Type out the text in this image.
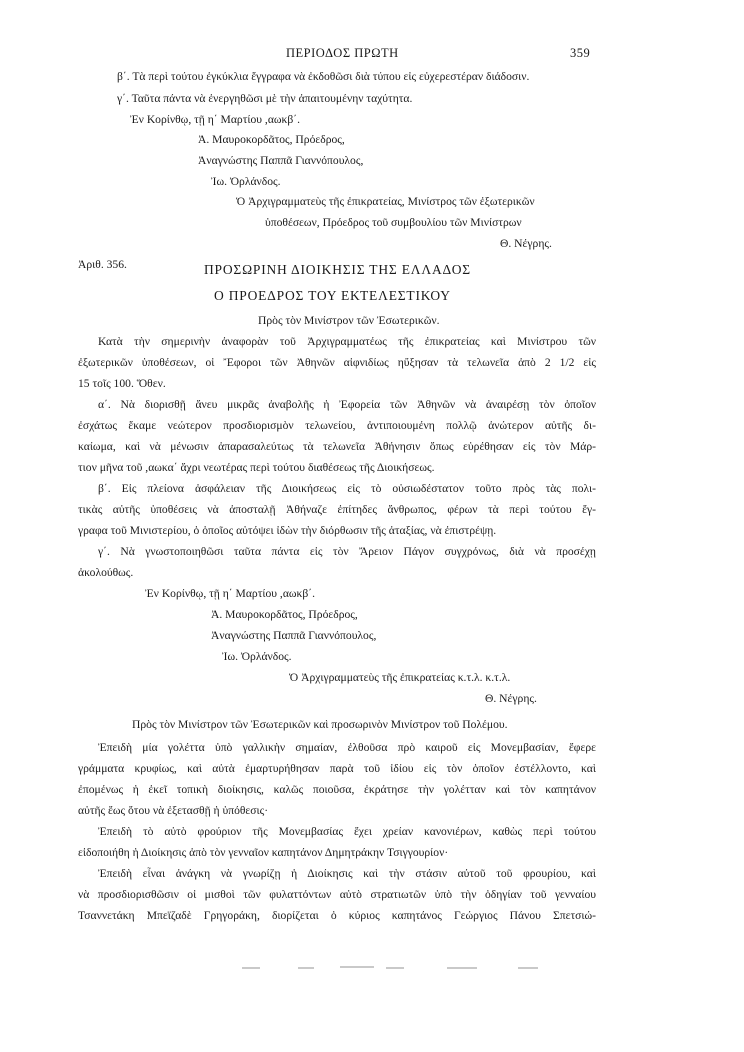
ΠΕΡΙΟΔΟΣ ΠΡΩΤΗ	359
β΄. Τὰ περὶ τούτου ἐγκύκλια ἔγγραφα νὰ ἐκδοθῶσι διὰ τύπου εἰς εὐχερεστέραν διάδοσιν.
γ΄. Ταῦτα πάντα νὰ ἐνεργηθῶσι μὲ τὴν ἀπαιτουμένην ταχύτητα.
Ἐν Κορίνθῳ, τῇ η΄ Μαρτίου ,αωκβ΄.
Ἀ. Μαυροκορδᾶτος, Πρόεδρος,
Ἀναγνώστης Παππᾶ Γιαννόπουλος,
Ἰω. Ὀρλάνδος.
Ὁ Ἀρχιγραμματεὺς τῆς ἐπικρατείας, Μινίστρος τῶν ἐξωτερικῶν
ὑποθέσεων, Πρόεδρος τοῦ συμβουλίου τῶν Μινίστρων
Θ. Νέγρης.
Ἀριθ. 356.	ΠΡΟΣΩΡΙΝΗ ΔΙΟΙΚΗΣΙΣ ΤΗΣ ΕΛΛΑΔΟΣ
Ο ΠΡΟΕΔΡΟΣ ΤΟΥ ΕΚΤΕΛΕΣΤΙΚΟΥ
Πρὸς τὸν Μινίστρον τῶν Ἐσωτερικῶν.
Κατὰ τὴν σημερινὴν ἀναφορὰν τοῦ Ἀρχιγραμματέως τῆς ἐπικρατείας καὶ Μινίστρου τῶν
ἐξωτερικῶν ὑποθέσεων, οἱ Ἔφοροι τῶν Ἀθηνῶν αἰφνιδίως ηὔξησαν τὰ τελωνεῖα ἀπὸ 2 1/2 εἰς
15 τοῖς 100. Ὅθεν.
α΄. Νὰ διορισθῇ ἄνευ μικρᾶς ἀναβολῆς ἡ Ἐφορεία τῶν Ἀθηνῶν νὰ ἀναιρέσῃ τὸν ὁποῖον
ἐσχάτως ἔκαμε νεώτερον προσδιορισμὸν τελωνείου, ἀντιποιουμένη πολλῷ ἀνώτερον αὐτῆς δι-
καίωμα, καὶ νὰ μένωσιν ἀπαρασαλεύτως τὰ τελωνεῖα Ἀθήνησιν ὅπως εὑρέθησαν εἰς τὸν Μάρ-
τιον μῆνα τοῦ ,αωκα΄ ἄχρι νεωτέρας περὶ τούτου διαθέσεως τῆς Διοικήσεως.
β΄. Εἰς πλείονα ἀσφάλειαν τῆς Διοικήσεως εἰς τὸ οὐσιωδέστατον τοῦτο πρὸς τὰς πολι-
τικὰς αὐτῆς ὑποθέσεις νὰ ἀποσταλῇ Ἀθήναζε ἐπίτηδες ἄνθρωπος, φέρων τὰ περὶ τούτου ἔγ-
γραφα τοῦ Μινιστερίου, ὁ ὁποῖος αὐτόψει ἰδὼν τὴν διόρθωσιν τῆς ἀταξίας, νὰ ἐπιστρέψῃ.
γ΄. Νὰ γνωστοποιηθῶσι ταῦτα πάντα εἰς τὸν Ἄρειον Πάγον συγχρόνως, διὰ νὰ προσέχῃ
ἀκολούθως.
Ἐν Κορίνθῳ, τῇ η΄ Μαρτίου ,αωκβ΄.
Ἀ. Μαυροκορδᾶτος, Πρόεδρος,
Ἀναγνώστης Παππᾶ Γιαννόπουλος,
Ἰω. Ὀρλάνδος.
Ὁ Ἀρχιγραμματεὺς τῆς ἐπικρατείας κ.τ.λ. κ.τ.λ.
Θ. Νέγρης.
Πρὸς τὸν Μινίστρον τῶν Ἐσωτερικῶν καὶ προσωρινὸν Μινίστρον τοῦ Πολέμου.
Ἐπειδὴ μία γολέττα ὑπὸ γαλλικὴν σημαίαν, ἐλθοῦσα πρὸ καιροῦ εἰς Μονεμβασίαν, ἔφερε
γράμματα κρυφίως, καὶ αὐτὰ ἐμαρτυρήθησαν παρὰ τοῦ ἰδίου εἰς τὸν ὁποῖον ἐστέλλοντο, καὶ
ἐπομένως ἡ ἐκεῖ τοπικὴ διοίκησις, καλῶς ποιοῦσα, ἐκράτησε τὴν γολέτταν καὶ τὸν καπητάνον
αὐτῆς ἕως ὅτου νὰ ἐξετασθῇ ἡ ὑπόθεσις·
Ἐπειδὴ τὸ αὐτὸ φρούριον τῆς Μονεμβασίας ἔχει χρείαν κανονιέρων, καθὼς περὶ τούτου
εἰδοποιήθη ἡ Διοίκησις ἀπὸ τὸν γενναῖον καπητάνον Δημητράκην Τσιγγουρίον·
Ἐπειδὴ εἶναι ἀνάγκη νὰ γνωρίζῃ ἡ Διοίκησις καὶ τὴν στάσιν αὐτοῦ τοῦ φρουρίου, καὶ
νὰ προσδιορισθῶσιν οἱ μισθοὶ τῶν φυλαττόντων αὐτὸ στρατιωτῶν ὑπὸ τὴν ὁδηγίαν τοῦ γενναίου
Τσαννετάκη Μπεϊζαδὲ Γρηγοράκη, διορίζεται ὁ κύριος καπητάνος Γεώργιος Πάνου Σπετσιώ-
